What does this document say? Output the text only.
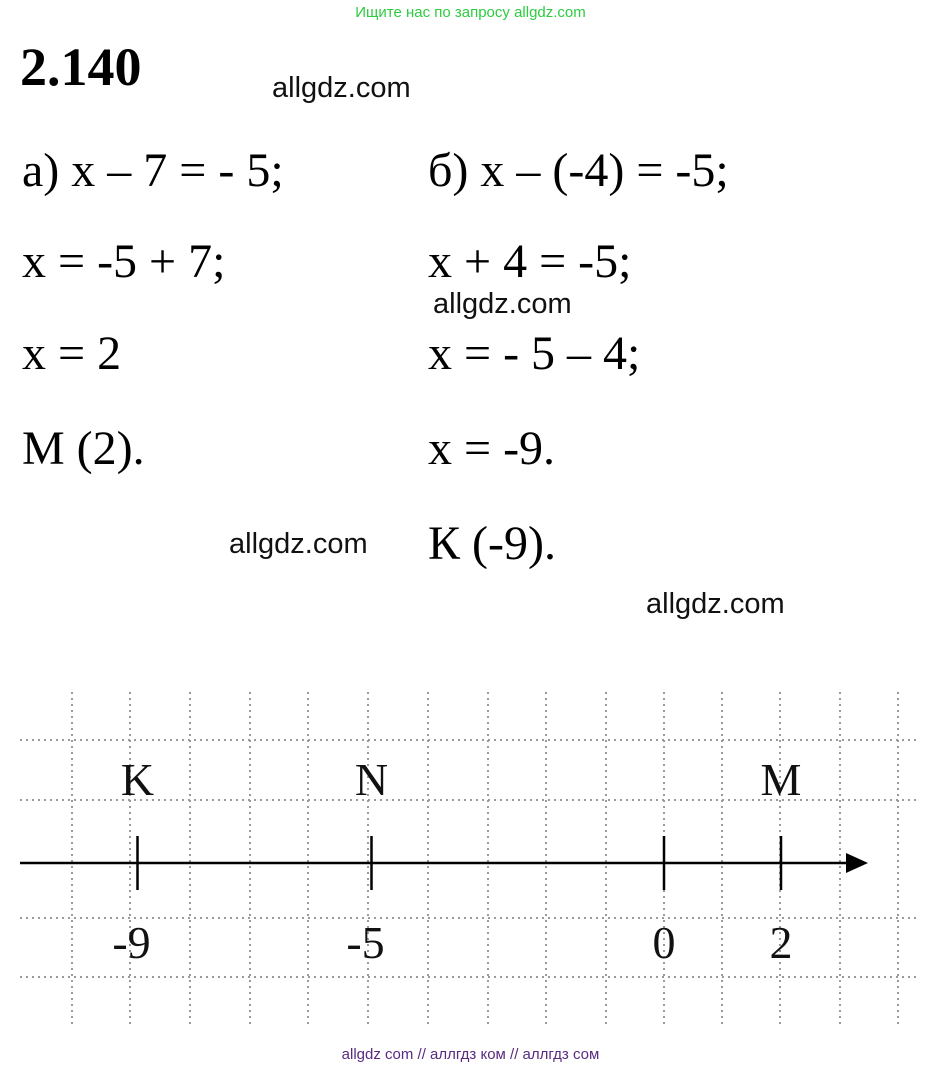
Ищите нас по запросу allgdz.com
2.140	allgdz.com
allgdz.com
allgdz.com
allgdz.com
а) x – 7 = - 5;
x = -5 + 7;
x = 2
М (2).
б) x – (-4) = -5;
x + 4 = -5;
x = - 5 – 4;
x = -9.
К (-9).
K
-9
N
-5	0
M
2
allgdz com // аллгдз ком // аллгдз сом
